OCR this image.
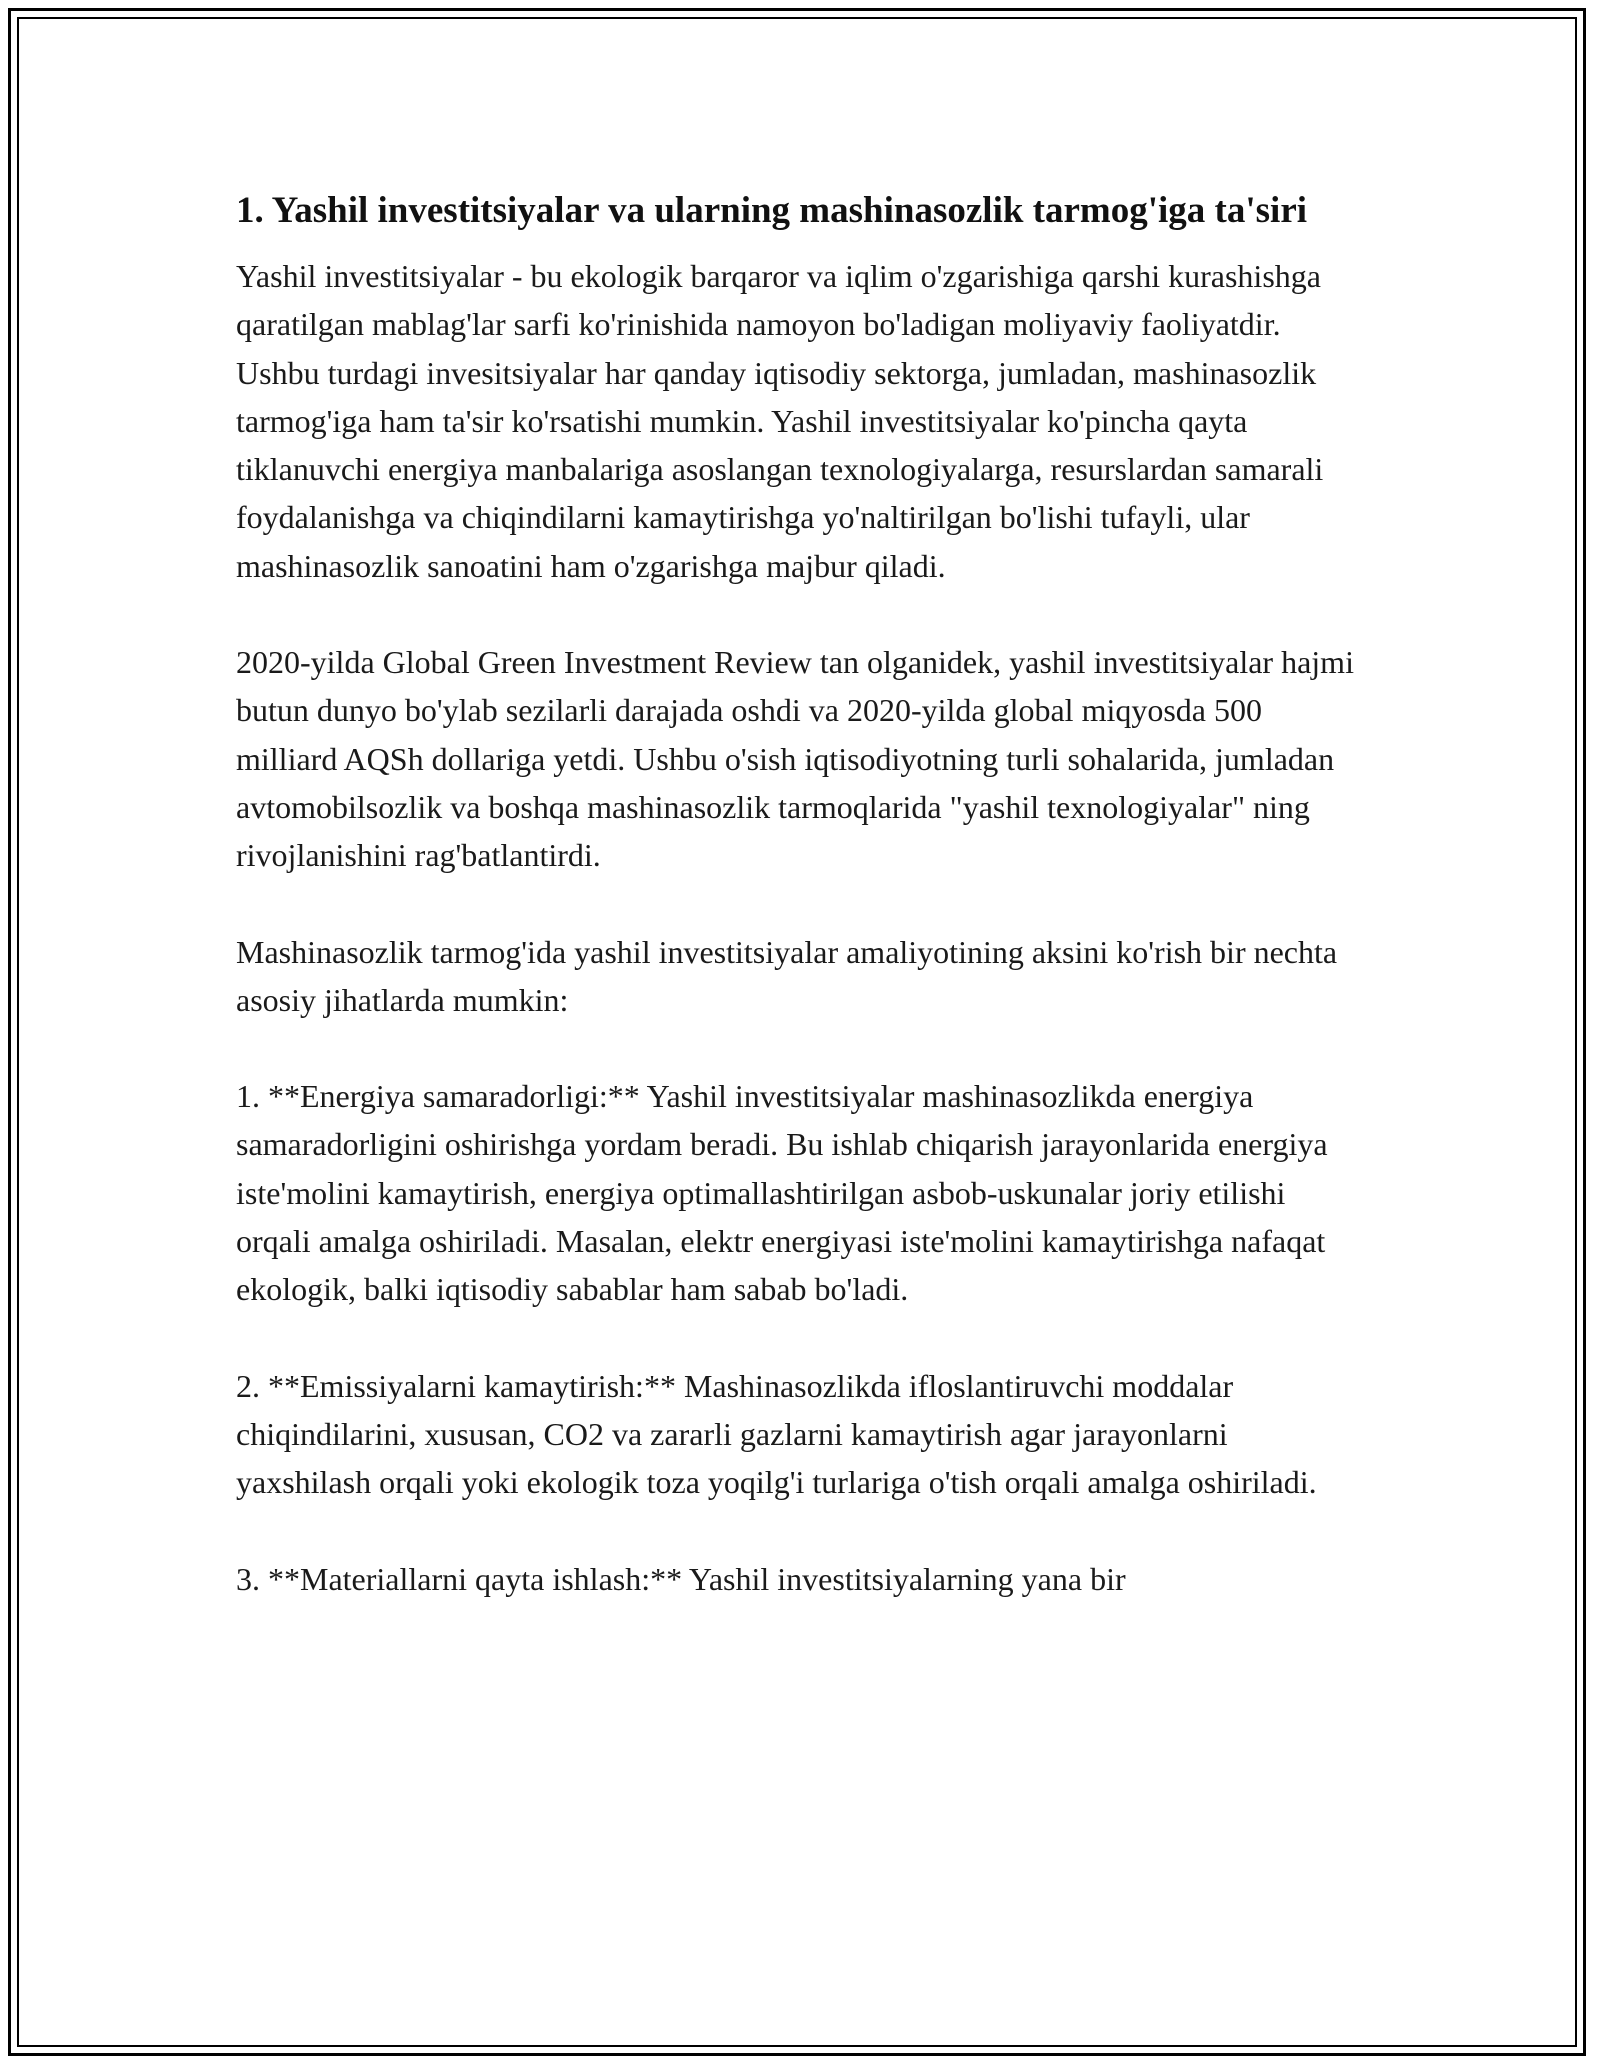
1. Yashil investitsiyalar va ularning mashinasozlik tarmog'iga ta'siri

Yashil investitsiyalar - bu ekologik barqaror va iqlim o'zgarishiga qarshi kurashishga qaratilgan mablag'lar sarfi ko'rinishida namoyon bo'ladigan moliyaviy faoliyatdir. Ushbu turdagi invesitsiyalar har qanday iqtisodiy sektorga, jumladan, mashinasozlik tarmog'iga ham ta'sir ko'rsatishi mumkin. Yashil investitsiyalar ko'pincha qayta tiklanuvchi energiya manbalariga asoslangan texnologiyalarga, resurslardan samarali foydalanishga va chiqindilarni kamaytirishga yo'naltirilgan bo'lishi tufayli, ular mashinasozlik sanoatini ham o'zgarishga majbur qiladi.

2020-yilda Global Green Investment Review tan olganidek, yashil investitsiyalar hajmi butun dunyo bo'ylab sezilarli darajada oshdi va 2020-yilda global miqyosda 500 milliard AQSh dollariga yetdi. Ushbu o'sish iqtisodiyotning turli sohalarida, jumladan avtomobilsozlik va boshqa mashinasozlik tarmoqlarida "yashil texnologiyalar" ning rivojlanishini rag'batlantirdi.

Mashinasozlik tarmog'ida yashil investitsiyalar amaliyotining aksini ko'rish bir nechta asosiy jihatlarda mumkin:

1. **Energiya samaradorligi:** Yashil investitsiyalar mashinasozlikda energiya samaradorligini oshirishga yordam beradi. Bu ishlab chiqarish jarayonlarida energiya iste'molini kamaytirish, energiya optimallashtirilgan asbob-uskunalar joriy etilishi orqali amalga oshiriladi. Masalan, elektr energiyasi iste'molini kamaytirishga nafaqat ekologik, balki iqtisodiy sabablar ham sabab bo'ladi.

2. **Emissiyalarni kamaytirish:** Mashinasozlikda ifloslantiruvchi moddalar chiqindilarini, xususan, CO2 va zararli gazlarni kamaytirish agar jarayonlarni yaxshilash orqali yoki ekologik toza yoqilg'i turlariga o'tish orqali amalga oshiriladi.

3. **Materiallarni qayta ishlash:** Yashil investitsiyalarning yana bir
